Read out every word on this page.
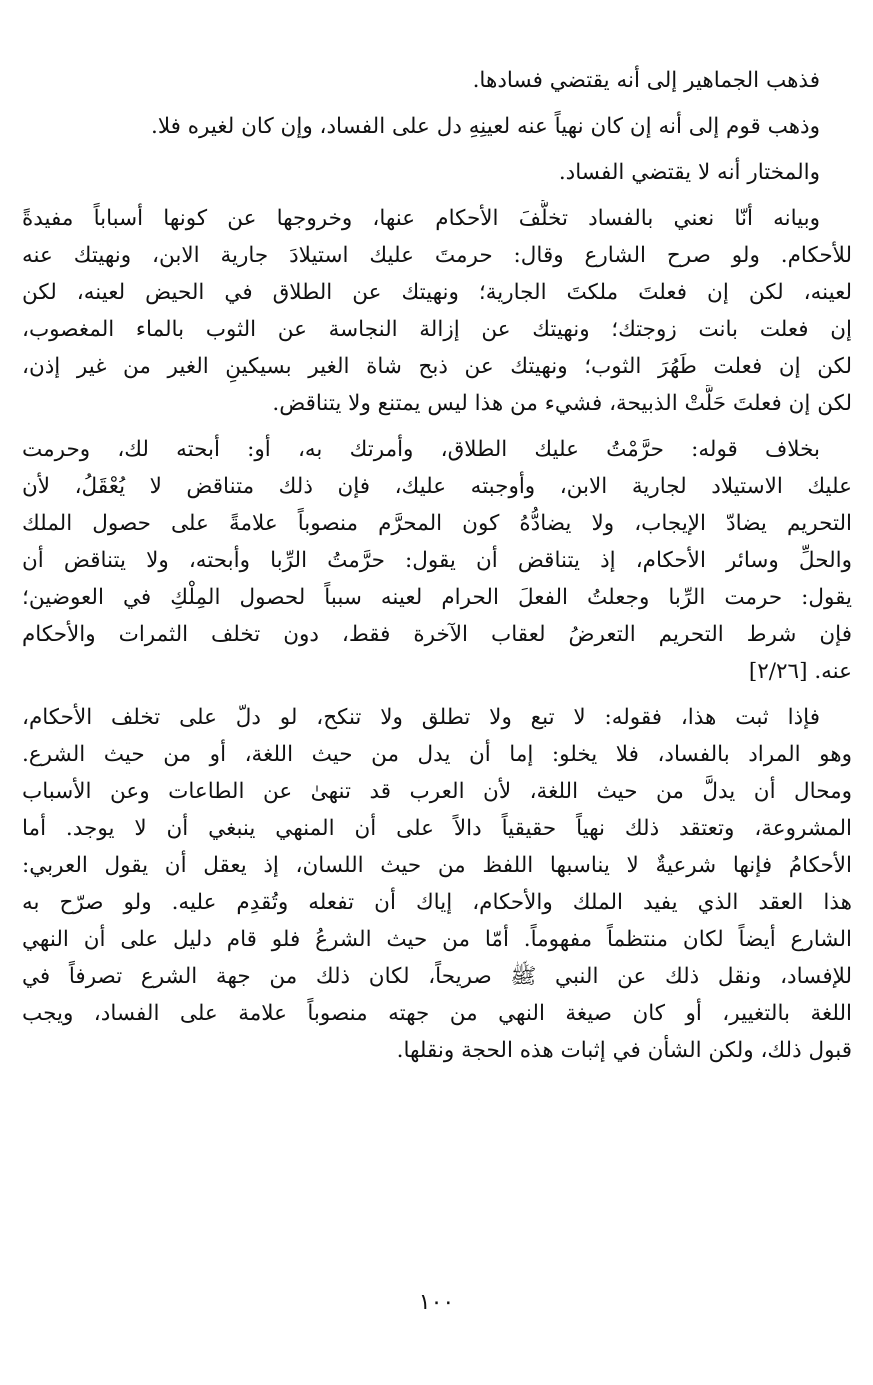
فذهب الجماهير إلى أنه يقتضي فسادها.
وذهب قوم إلى أنه إن كان نهياً عنه لعينِهِ دل على الفساد، وإن كان لغيره فلا.
والمختار أنه لا يقتضي الفساد.
وبيانه أنّا نعني بالفساد تخلُّفَ الأحكام عنها، وخروجها عن كونها أسباباً مفيدةً
للأحكام. ولو صرح الشارع وقال: حرمتَ عليك استيلادَ جارية الابن، ونهيتك عنه
لعينه، لكن إن فعلتَ ملكتَ الجارية؛ ونهيتك عن الطلاق في الحيض لعينه، لكن
إن فعلت بانت زوجتك؛ ونهيتك عن إزالة النجاسة عن الثوب بالماء المغصوب،
لكن إن فعلت طَهُرَ الثوب؛ ونهيتك عن ذبح شاة الغير بسيكينِ الغير من غير إذن،
لكن إن فعلتَ حَلَّتْ الذبيحة، فشيء من هذا ليس يمتنع ولا يتناقض.
بخلاف قوله: حرَّمْتُ عليك الطلاق، وأمرتك به، أو: أبحته لك، وحرمت
عليك الاستيلاد لجارية الابن، وأوجبته عليك، فإن ذلك متناقض لا يُعْقَلُ، لأن
التحريم يضادّ الإيجاب، ولا يضادُّهُ كون المحرَّم منصوباً علامةً على حصول الملك
والحلِّ وسائر الأحكام، إذ يتناقض أن يقول: حرَّمتُ الرِّبا وأبحته، ولا يتناقض أن
يقول: حرمت الرِّبا وجعلتُ الفعلَ الحرام لعينه سبباً لحصول المِلْكِ في العوضين؛
فإن شرط التحريم التعرضُ لعقاب الآخرة فقط، دون تخلف الثمرات والأحكام
عنه. [٢/٢٦]
فإذا ثبت هذا، فقوله: لا تبع ولا تطلق ولا تنكح، لو دلّ على تخلف الأحكام،
وهو المراد بالفساد، فلا يخلو: إما أن يدل من حيث اللغة، أو من حيث الشرع.
ومحال أن يدلَّ من حيث اللغة، لأن العرب قد تنهىٰ عن الطاعات وعن الأسباب
المشروعة، وتعتقد ذلك نهياً حقيقياً دالاً على أن المنهي ينبغي أن لا يوجد. أما
الأحكامُ فإنها شرعيةٌ لا يناسبها اللفظ من حيث اللسان، إذ يعقل أن يقول العربي:
هذا العقد الذي يفيد الملك والأحكام، إياك أن تفعله وتُقدِم عليه. ولو صرّح به
الشارع أيضاً لكان منتظماً مفهوماً. أمّا من حيث الشرعُ فلو قام دليل على أن النهي
للإفساد، ونقل ذلك عن النبي ﷺ صريحاً، لكان ذلك من جهة الشرع تصرفاً في
اللغة بالتغيير، أو كان صيغة النهي من جهته منصوباً علامة على الفساد، ويجب
قبول ذلك، ولكن الشأن في إثبات هذه الحجة ونقلها.
١٠٠
